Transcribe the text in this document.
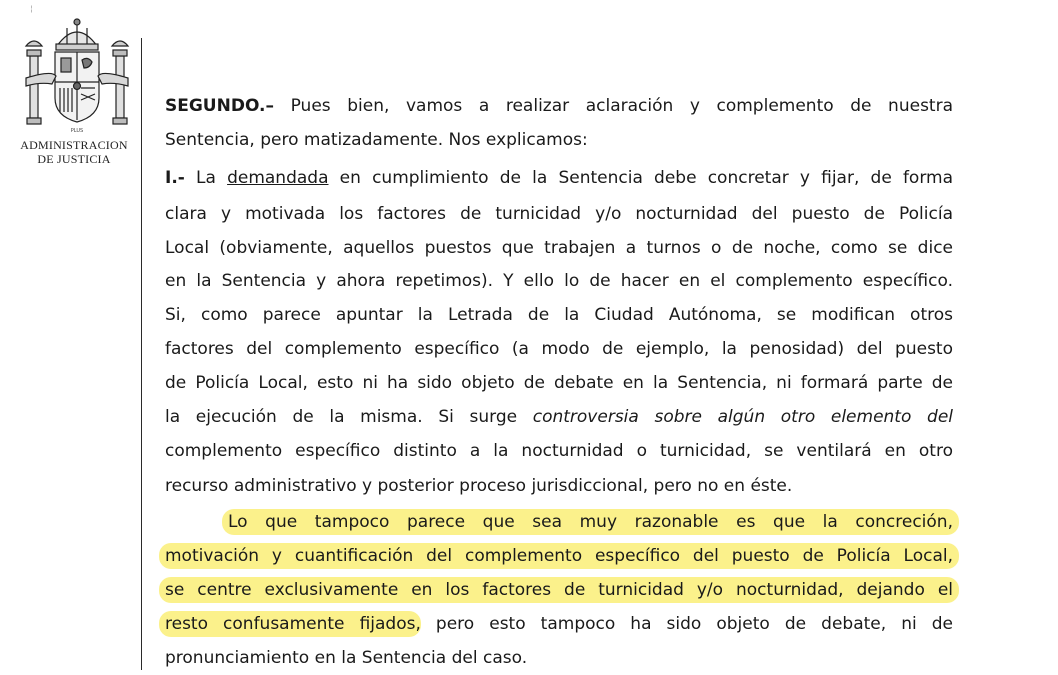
¦
PLUS
ADMINISTRACION
DE JUSTICIA
SEGUNDO.– Pues bien, vamos a realizar aclaración y complemento de nuestra
Sentencia, pero matizadamente. Nos explicamos:
I.- La demandada en cumplimiento de la Sentencia debe concretar y fijar, de forma
clara y motivada los factores de turnicidad y/o nocturnidad del puesto de Policía
Local (obviamente, aquellos puestos que trabajen a turnos o de noche, como se dice
en la Sentencia y ahora repetimos). Y ello lo de hacer en el complemento específico.
Si, como parece apuntar la Letrada de la Ciudad Autónoma, se modifican otros
factores del complemento específico (a modo de ejemplo, la penosidad) del puesto
de Policía Local, esto ni ha sido objeto de debate en la Sentencia, ni formará parte de
la ejecución de la misma. Si surge controversia sobre algún otro elemento del
complemento específico distinto a la nocturnidad o turnicidad, se ventilará en otro
recurso administrativo y posterior proceso jurisdiccional, pero no en éste.
Lo que tampoco parece que sea muy razonable es que la concreción,
motivación y cuantificación del complemento específico del puesto de Policía Local,
se centre exclusivamente en los factores de turnicidad y/o nocturnidad, dejando el
resto confusamente fijados, pero esto tampoco ha sido objeto de debate, ni de
pronunciamiento en la Sentencia del caso.
